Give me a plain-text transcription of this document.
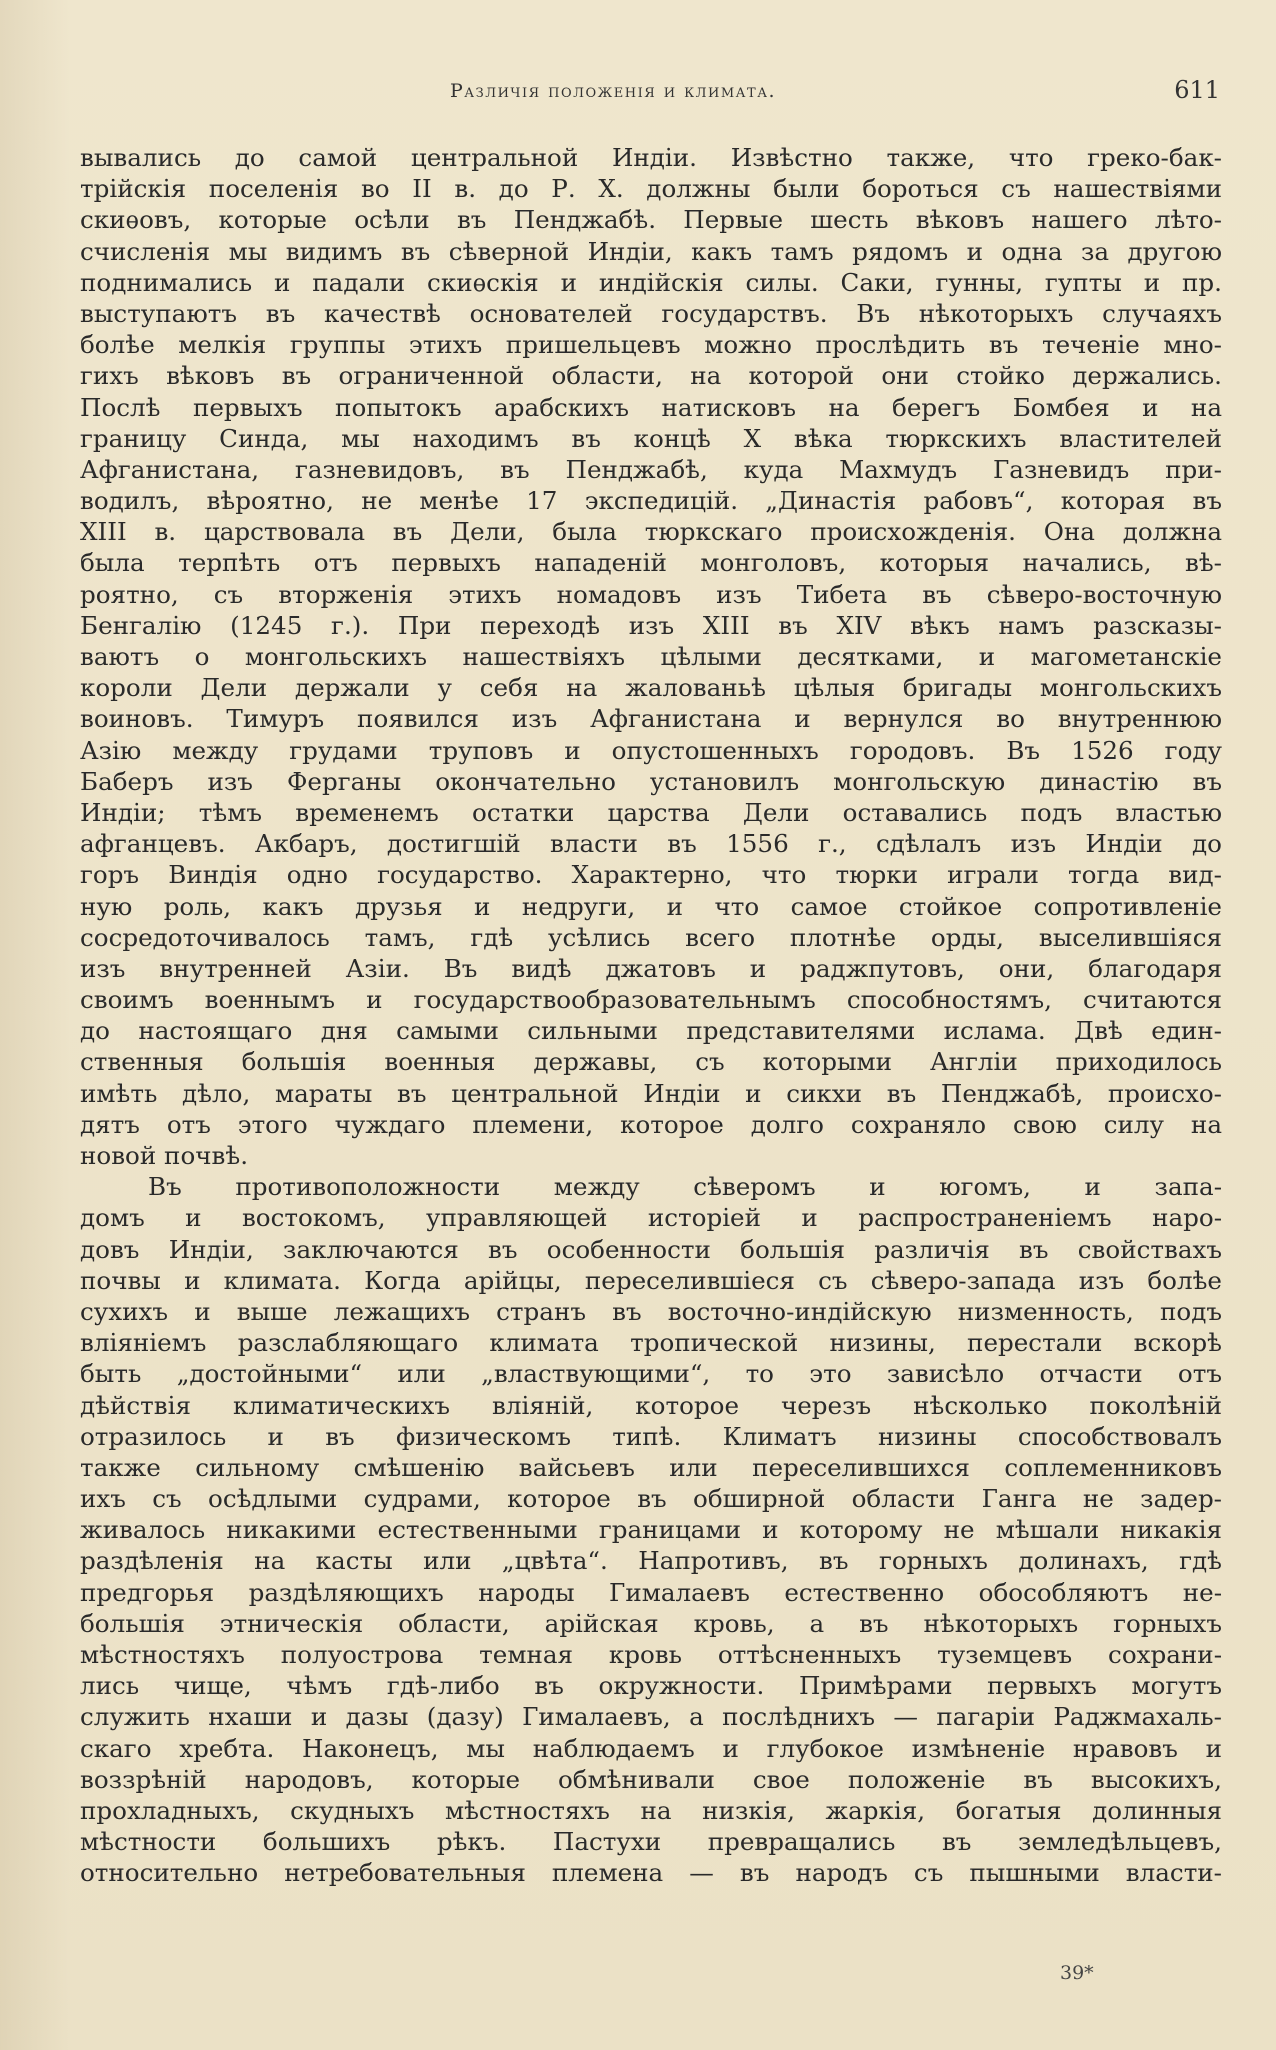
Различія положенія и климата.	611
вывались до самой центральной Индіи. Извѣстно также, что греко-бак-
трійскія поселенія во II в. до Р. Х. должны были бороться съ нашествіями
скиѳовъ, которые осѣли въ Пенджабѣ. Первые шесть вѣковъ нашего лѣто-
счисленія мы видимъ въ сѣверной Индіи, какъ тамъ рядомъ и одна за другою
поднимались и падали скиѳскія и индійскія силы. Саки, гунны, гупты и пр.
выступаютъ въ качествѣ основателей государствъ. Въ нѣкоторыхъ случаяхъ
болѣе мелкія группы этихъ пришельцевъ можно прослѣдить въ теченіе мно-
гихъ вѣковъ въ ограниченной области, на которой они стойко держались.
Послѣ первыхъ попытокъ арабскихъ натисковъ на берегъ Бомбея и на
границу Синда, мы находимъ въ концѣ X вѣка тюркскихъ властителей
Афганистана, газневидовъ, въ Пенджабѣ, куда Махмудъ Газневидъ при-
водилъ, вѣроятно, не менѣе 17 экспедицій. „Династія рабовъ“, которая въ
XIII в. царствовала въ Дели, была тюркскаго происхожденія. Она должна
была терпѣть отъ первыхъ нападеній монголовъ, которыя начались, вѣ-
роятно, съ вторженія этихъ номадовъ изъ Тибета въ сѣверо-восточную
Бенгалію (1245 г.). При переходѣ изъ XIII въ XIV вѣкъ намъ разсказы-
ваютъ о монгольскихъ нашествіяхъ цѣлыми десятками, и магометанскіе
короли Дели держали у себя на жалованьѣ цѣлыя бригады монгольскихъ
воиновъ. Тимуръ появился изъ Афганистана и вернулся во внутреннюю
Азію между грудами труповъ и опустошенныхъ городовъ. Въ 1526 году
Баберъ изъ Ферганы окончательно установилъ монгольскую династію въ
Индіи; тѣмъ временемъ остатки царства Дели оставались подъ властью
афганцевъ. Акбаръ, достигшій власти въ 1556 г., сдѣлалъ изъ Индіи до
горъ Виндія одно государство. Характерно, что тюрки играли тогда вид-
ную роль, какъ друзья и недруги, и что самое стойкое сопротивленіе
сосредоточивалось тамъ, гдѣ усѣлись всего плотнѣе орды, выселившіяся
изъ внутренней Азіи. Въ видѣ джатовъ и раджпутовъ, они, благодаря
своимъ военнымъ и государствообразовательнымъ способностямъ, считаются
до настоящаго дня самыми сильными представителями ислама. Двѣ един-
ственныя большія военныя державы, съ которыми Англіи приходилось
имѣть дѣло, мараты въ центральной Индіи и сикхи въ Пенджабѣ, происхо-
дятъ отъ этого чуждаго племени, которое долго сохраняло свою силу на
новой почвѣ.
Въ противоположности между сѣверомъ и югомъ, и запа-
домъ и востокомъ, управляющей исторіей и распространеніемъ наро-
довъ Индіи, заключаются въ особенности большія различія въ свойствахъ
почвы и климата. Когда арійцы, переселившіеся съ сѣверо-запада изъ болѣе
сухихъ и выше лежащихъ странъ въ восточно-индійскую низменность, подъ
вліяніемъ разслабляющаго климата тропической низины, перестали вскорѣ
быть „достойными“ или „властвующими“, то это зависѣло отчасти отъ
дѣйствія климатическихъ вліяній, которое черезъ нѣсколько поколѣній
отразилось и въ физическомъ типѣ. Климатъ низины способствовалъ
также сильному смѣшенію вайсьевъ или переселившихся соплеменниковъ
ихъ съ осѣдлыми судрами, которое въ обширной области Ганга не задер-
живалось никакими естественными границами и которому не мѣшали никакія
раздѣленія на касты или „цвѣта“. Напротивъ, въ горныхъ долинахъ, гдѣ
предгорья раздѣляющихъ народы Гималаевъ естественно обособляютъ не-
большія этническія области, арійская кровь, а въ нѣкоторыхъ горныхъ
мѣстностяхъ полуострова темная кровь оттѣсненныхъ туземцевъ сохрани-
лись чище, чѣмъ гдѣ-либо въ окружности. Примѣрами первыхъ могутъ
служить нхаши и дазы (дазу) Гималаевъ, а послѣднихъ — пагаріи Раджмахаль-
скаго хребта. Наконецъ, мы наблюдаемъ и глубокое измѣненіе нравовъ и
воззрѣній народовъ, которые обмѣнивали свое положеніе въ высокихъ,
прохладныхъ, скудныхъ мѣстностяхъ на низкія, жаркія, богатыя долинныя
мѣстности большихъ рѣкъ. Пастухи превращались въ земледѣльцевъ,
относительно нетребовательныя племена — въ народъ съ пышными власти-
39*
